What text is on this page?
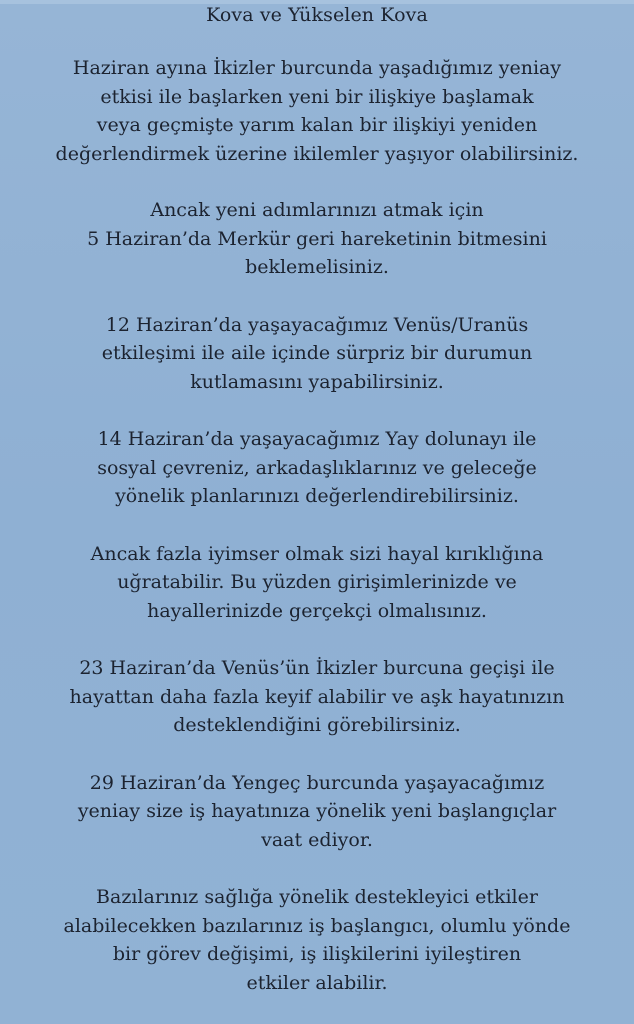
Kova ve Yükselen Kova

Haziran ayına İkizler burcunda yaşadığımız yeniay
etkisi ile başlarken yeni bir ilişkiye başlamak
veya geçmişte yarım kalan bir ilişkiyi yeniden
değerlendirmek üzerine ikilemler yaşıyor olabilirsiniz.

Ancak yeni adımlarınızı atmak için
5 Haziran’da Merkür geri hareketinin bitmesini
beklemelisiniz.

12 Haziran’da yaşayacağımız Venüs/Uranüs
etkileşimi ile aile içinde sürpriz bir durumun
kutlamasını yapabilirsiniz.

14 Haziran’da yaşayacağımız Yay dolunayı ile
sosyal çevreniz, arkadaşlıklarınız ve geleceğe
yönelik planlarınızı değerlendirebilirsiniz.

Ancak fazla iyimser olmak sizi hayal kırıklığına
uğratabilir. Bu yüzden girişimlerinizde ve
hayallerinizde gerçekçi olmalısınız.

23 Haziran’da Venüs’ün İkizler burcuna geçişi ile
hayattan daha fazla keyif alabilir ve aşk hayatınızın
desteklendiğini görebilirsiniz.

29 Haziran’da Yengeç burcunda yaşayacağımız
yeniay size iş hayatınıza yönelik yeni başlangıçlar
vaat ediyor.

Bazılarınız sağlığa yönelik destekleyici etkiler
alabilecekken bazılarınız iş başlangıcı, olumlu yönde
bir görev değişimi, iş ilişkilerini iyileştiren
etkiler alabilir.
